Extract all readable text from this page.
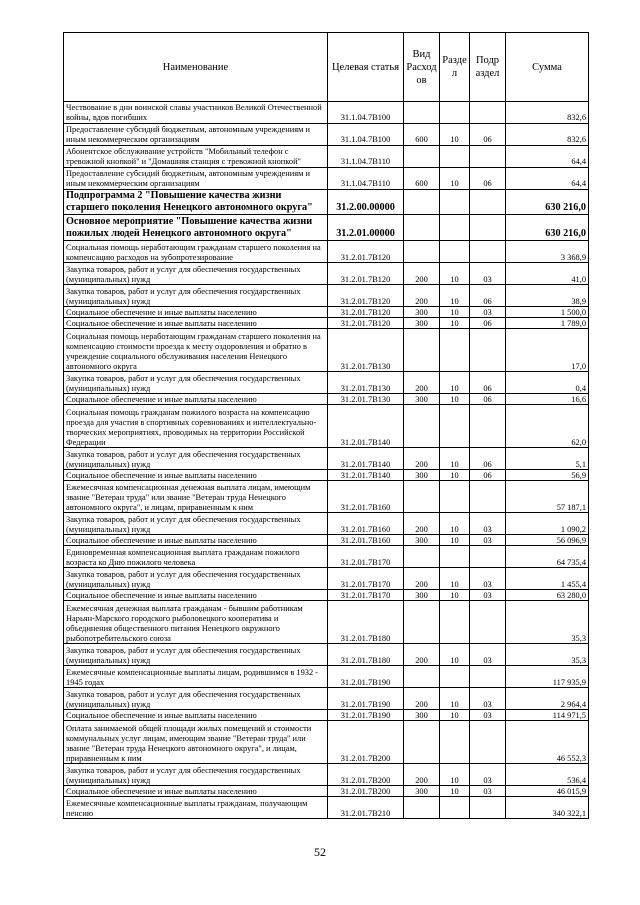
Наименование	Целевая статья	Вид Расход ов	Разде л	Подр аздел	Сумма
Чествование в дни воинской славы участников Великой Отечественной войны, вдов погибших	31.1.04.7В100				832,6
Предоставление субсидий бюджетным, автономным учреждениям и иным некоммерческим организациям	31.1.04.7В100	600	10	06	832,6
Абонентское обслуживание устройств "Мобильный телефон с тревожной кнопкой" и "Домашняя станция с тревожной кнопкой"	31.1.04.7В110				64,4
Предоставление субсидий бюджетным, автономным учреждениям и иным некоммерческим организациям	31.1.04.7В110	600	10	06	64,4
Подпрограмма 2 "Повышение качества жизни старшего поколения Ненецкого автономного округа"	31.2.00.00000				630 216,0
Основное мероприятие "Повышение качества жизни пожилых людей Ненецкого автономного округа"	31.2.01.00000				630 216,0
Социальная помощь неработающим гражданам старшего поколения на компенсацию расходов на зубопротезирование	31.2.01.7В120				3 368,9
Закупка товаров, работ и услуг для обеспечения государственных (муниципальных) нужд	31.2.01.7В120	200	10	03	41,0
Закупка товаров, работ и услуг для обеспечения государственных (муниципальных) нужд	31.2.01.7В120	200	10	06	38,9
Социальное обеспечение и иные выплаты населению	31.2.01.7В120	300	10	03	1 500,0
Социальное обеспечение и иные выплаты населению	31.2.01.7В120	300	10	06	1 789,0
Социальная помощь неработающим гражданам старшего поколения на компенсацию стоимости проезда к месту оздоровления и обратно в учреждение социального обслуживания населения Ненецкого автономного округа	31.2.01.7В130				17,0
Закупка товаров, работ и услуг для обеспечения государственных (муниципальных) нужд	31.2.01.7В130	200	10	06	0,4
Социальное обеспечение и иные выплаты населению	31.2.01.7В130	300	10	06	16,6
Социальная помощь гражданам пожилого возраста на компенсацию проезда для участия в спортивных соревнованиях и интеллектуально-творческих мероприятиях, проводимых на территории Российской Федерации	31.2.01.7В140				62,0
Закупка товаров, работ и услуг для обеспечения государственных (муниципальных) нужд	31.2.01.7В140	200	10	06	5,1
Социальное обеспечение и иные выплаты населению	31.2.01.7В140	300	10	06	56,9
Ежемесячная компенсационная денежная выплата лицам, имеющим звание "Ветеран труда" или звание "Ветеран труда Ненецкого автономного округа", и лицам, приравненным к ним	31.2.01.7В160				57 187,1
Закупка товаров, работ и услуг для обеспечения государственных (муниципальных) нужд	31.2.01.7В160	200	10	03	1 090,2
Социальное обеспечение и иные выплаты населению	31.2.01.7В160	300	10	03	56 096,9
Единовременная компенсационная выплата гражданам пожилого возраста ко Дню пожилого человека	31.2.01.7В170				64 735,4
Закупка товаров, работ и услуг для обеспечения государственных (муниципальных) нужд	31.2.01.7В170	200	10	03	1 455,4
Социальное обеспечение и иные выплаты населению	31.2.01.7В170	300	10	03	63 280,0
Ежемесячная денежная выплата гражданам - бывшим работникам Нарьян-Марского городского рыболовецкого кооператива и объединения общественного питания Ненецкого окружного рыбопотребительского союза	31.2.01.7В180				35,3
Закупка товаров, работ и услуг для обеспечения государственных (муниципальных) нужд	31.2.01.7В180	200	10	03	35,3
Ежемесячные компенсационные выплаты лицам, родившимся в 1932 - 1945 годах	31.2.01.7В190				117 935,9
Закупка товаров, работ и услуг для обеспечения государственных (муниципальных) нужд	31.2.01.7В190	200	10	03	2 964,4
Социальное обеспечение и иные выплаты населению	31.2.01.7В190	300	10	03	114 971,5
Оплата занимаемой общей площади жилых помещений и стоимости коммунальных услуг лицам, имеющим звание "Ветеран труда" или звание "Ветеран труда Ненецкого автономного округа", и лицам, приравненным к ним	31.2.01.7В200				46 552,3
Закупка товаров, работ и услуг для обеспечения государственных (муниципальных) нужд	31.2.01.7В200	200	10	03	536,4
Социальное обеспечение и иные выплаты населению	31.2.01.7В200	300	10	03	46 015,9
Ежемесячные компенсационные выплаты гражданам, получающим пенсию	31.2.01.7В210				340 322,1
52
